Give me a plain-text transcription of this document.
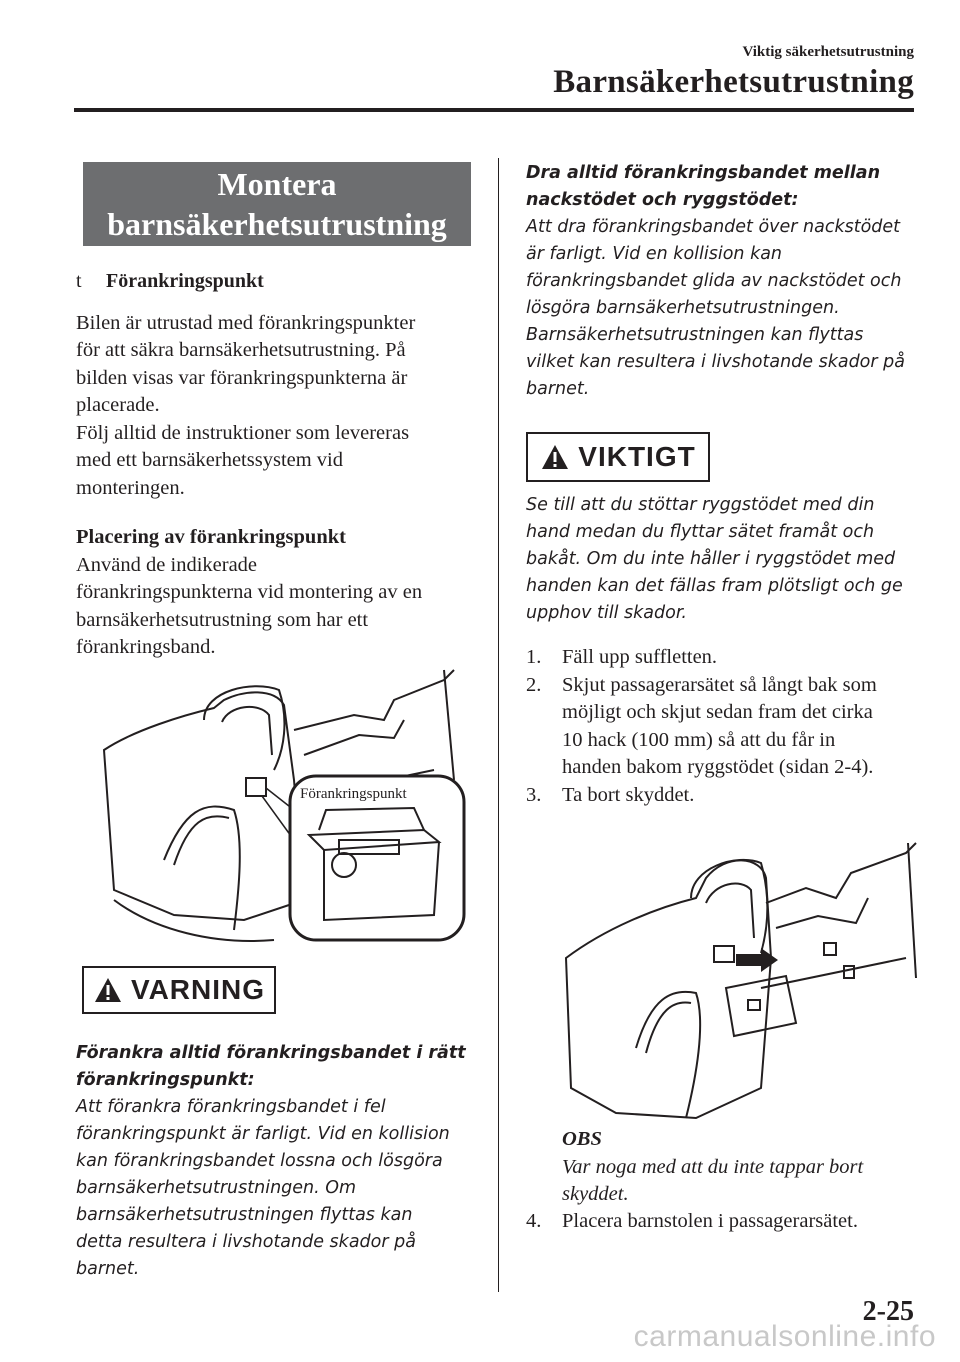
Viktig säkerhetsutrustning
Barnsäkerhetsutrustning
Montera
barnsäkerhetsutrustning
t Förankringspunkt
Bilen är utrustad med förankringspunkter
för att säkra barnsäkerhetsutrustning. På
bilden visas var förankringspunkterna är
placerade.
Följ alltid de instruktioner som levereras
med ett barnsäkerhetssystem vid
monteringen.
Placering av förankringspunkt
Använd de indikerade
förankringspunkterna vid montering av en
barnsäkerhetsutrustning som har ett
förankringsband.
Förankringspunkt
VARNING
Förankra alltid förankringsbandet i rätt
förankringspunkt:
Att förankra förankringsbandet i fel
förankringspunkt är farligt. Vid en kollision
kan förankringsbandet lossna och lösgöra
barnsäkerhetsutrustningen. Om
barnsäkerhetsutrustningen flyttas kan
detta resultera i livshotande skador på
barnet.
Dra alltid förankringsbandet mellan
nackstödet och ryggstödet:
Att dra förankringsbandet över nackstödet
är farligt. Vid en kollision kan
förankringsbandet glida av nackstödet och
lösgöra barnsäkerhetsutrustningen.
Barnsäkerhetsutrustningen kan flyttas
vilket kan resultera i livshotande skador på
barnet.
VIKTIGT
Se till att du stöttar ryggstödet med din
hand medan du flyttar sätet framåt och
bakåt. Om du inte håller i ryggstödet med
handen kan det fällas fram plötsligt och ge
upphov till skador.
1. Fäll upp suffletten.
2. Skjut passagerarsätet så långt bak som
möjligt och skjut sedan fram det cirka
10 hack (100 mm) så att du får in
handen bakom ryggstödet (sidan 2-4).
3. Ta bort skyddet.
OBS
Var noga med att du inte tappar bort
skyddet.
4. Placera barnstolen i passagerarsätet.
2-25
carmanualsonline.info
